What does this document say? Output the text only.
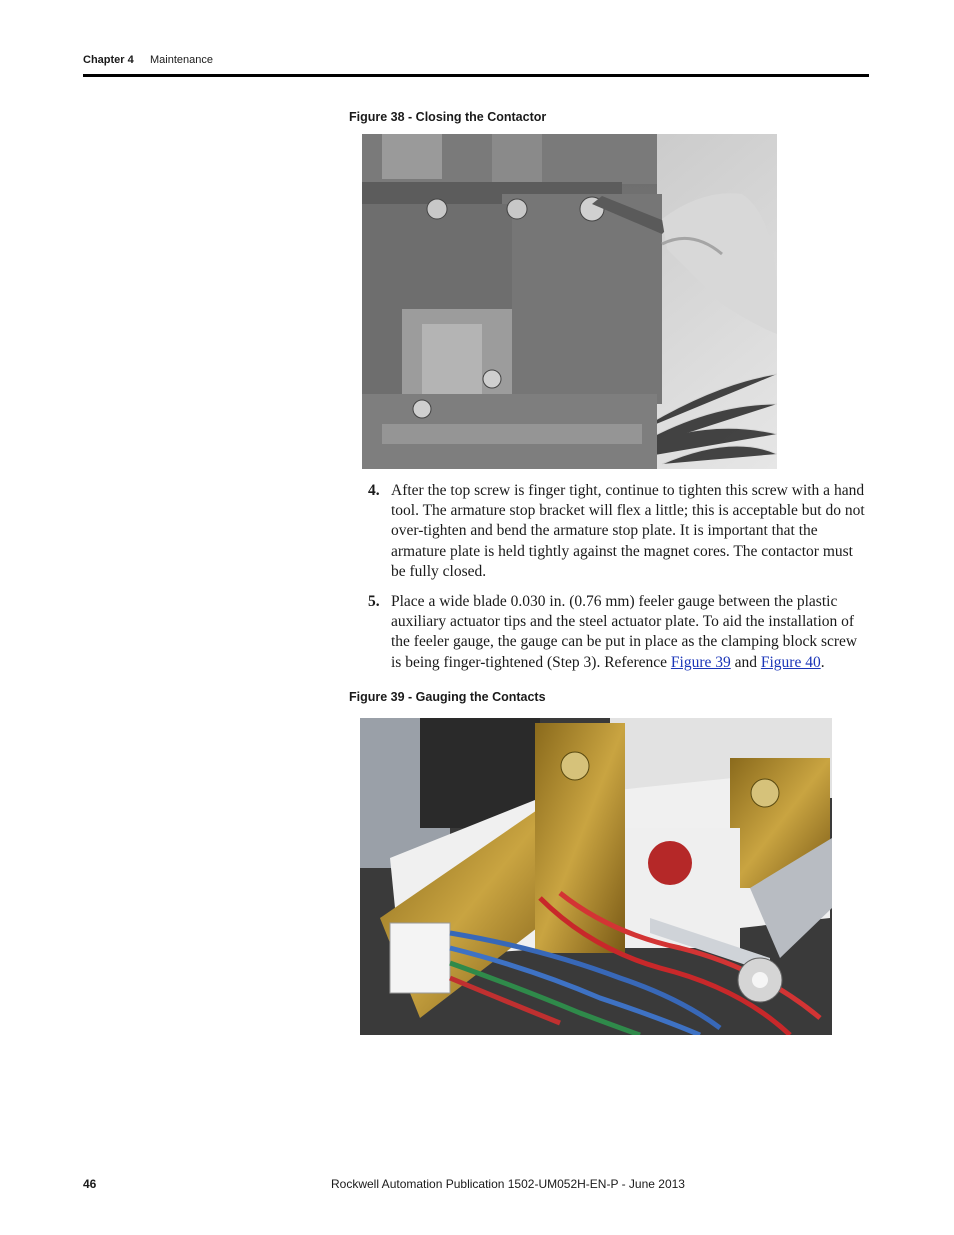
Chapter 4 Maintenance
Figure 38 - Closing the Contactor
4. After the top screw is finger tight, continue to tighten this screw with a hand tool. The armature stop bracket will flex a little; this is acceptable but do not over-tighten and bend the armature stop plate. It is important that the armature plate is held tightly against the magnet cores. The contactor must be fully closed.
5. Place a wide blade 0.030 in. (0.76 mm) feeler gauge between the plastic auxiliary actuator tips and the steel actuator plate. To aid the installation of the feeler gauge, the gauge can be put in place as the clamping block screw is being finger-tightened (Step 3). Reference Figure 39 and Figure 40.
Figure 39 - Gauging the Contacts
46	Rockwell Automation Publication 1502-UM052H-EN-P - June 2013
